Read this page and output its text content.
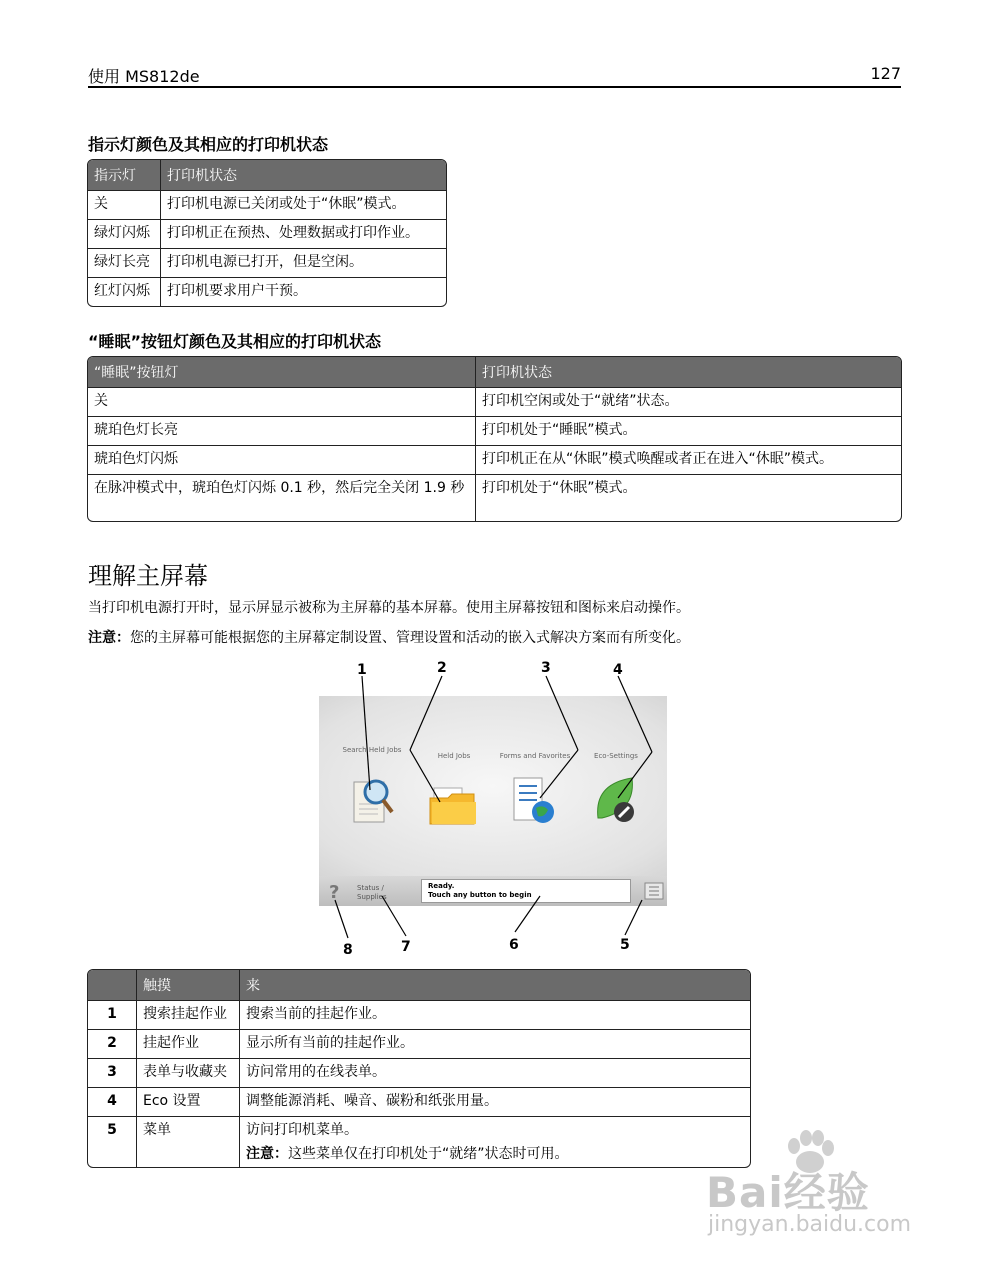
使用 MS812de	127
指示灯颜色及其相应的打印机状态
指示灯	打印机状态
关	打印机电源已关闭或处于“休眠”模式。
绿灯闪烁	打印机正在预热、处理数据或打印作业。
绿灯长亮	打印机电源已打开，但是空闲。
红灯闪烁	打印机要求用户干预。
“睡眠”按钮灯颜色及其相应的打印机状态
“睡眠”按钮灯	打印机状态
关	打印机空闲或处于“就绪”状态。
琥珀色灯长亮	打印机处于“睡眠”模式。
琥珀色灯闪烁	打印机正在从“休眠”模式唤醒或者正在进入“休眠”模式。
在脉冲模式中，琥珀色灯闪烁 0.1 秒，然后完全关闭 1.9 秒	打印机处于“休眠”模式。
理解主屏幕
当打印机电源打开时，显示屏显示被称为主屏幕的基本屏幕。使用主屏幕按钮和图标来启动操作。
注意：您的主屏幕可能根据您的主屏幕定制设置、管理设置和活动的嵌入式解决方案而有所变化。
Search Held Jobs
Held Jobs	Forms and Favorites	Eco-Settings
?	Status / Supplies
Ready.
Touch any button to begin
1	2	3	4
5
6
7
8
	触摸	来
1	搜索挂起作业	搜索当前的挂起作业。
2	挂起作业	显示所有当前的挂起作业。
3	表单与收藏夹	访问常用的在线表单。
4	Eco 设置	调整能源消耗、噪音、碳粉和纸张用量。
5	菜单	访问打印机菜单。
注意：这些菜单仅在打印机处于“就绪”状态时可用。
Bai经验
jingyan.baidu.com
